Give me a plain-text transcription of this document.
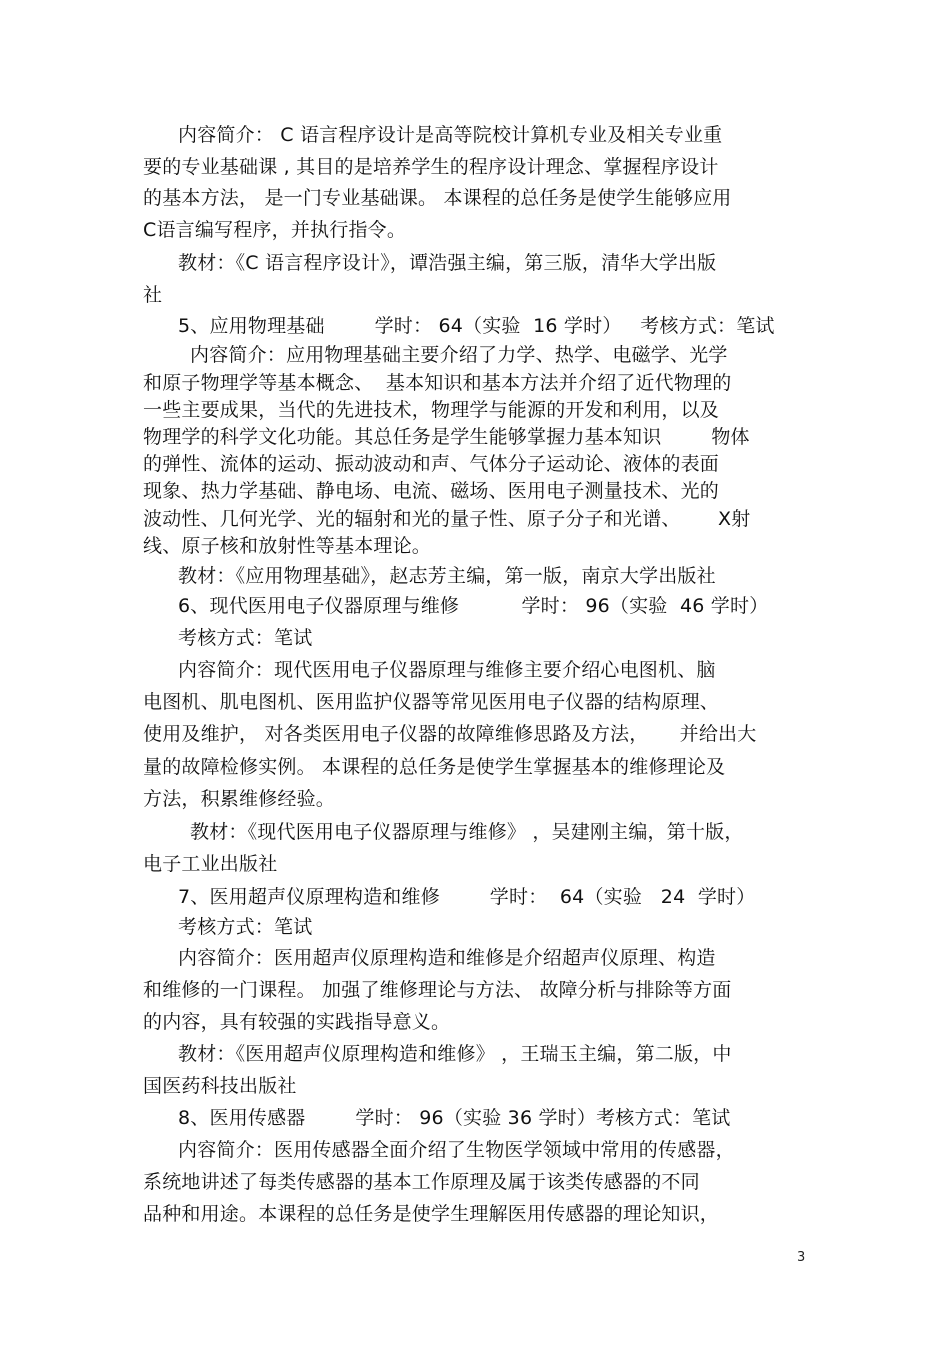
内容简介： C 语言程序设计是高等院校计算机专业及相关专业重
要的专业基础课 , 其目的是培养学生的程序设计理念、掌握程序设计
的基本方法， 是一门专业基础课。 本课程的总任务是使学生能够应用
C语言编写程序，并执行指令。
教材：《C 语言程序设计》，谭浩强主编，第三版，清华大学出版
社
5、应用物理基础        学时： 64（实验  16 学时）   考核方式：笔试
内容简介：应用物理基础主要介绍了力学、热学、电磁学、光学
和原子物理学等基本概念、  基本知识和基本方法并介绍了近代物理的
一些主要成果，当代的先进技术，物理学与能源的开发和利用，以及
物理学的科学文化功能。其总任务是学生能够掌握力基本知识        物体
的弹性、流体的运动、振动波动和声、气体分子运动论、液体的表面
现象、热力学基础、静电场、电流、磁场、医用电子测量技术、光的
波动性、几何光学、光的辐射和光的量子性、原子分子和光谱、      X射
线、原子核和放射性等基本理论。
教材：《应用物理基础》，赵志芳主编，第一版，南京大学出版社
6、现代医用电子仪器原理与维修          学时： 96（实验  46 学时）
考核方式：笔试
内容简介：现代医用电子仪器原理与维修主要介绍心电图机、脑
电图机、肌电图机、医用监护仪器等常见医用电子仪器的结构原理、
使用及维护， 对各类医用电子仪器的故障维修思路及方法，     并给出大
量的故障检修实例。 本课程的总任务是使学生掌握基本的维修理论及
方法，积累维修经验。
教材：《现代医用电子仪器原理与维修》 ，吴建刚主编，第十版，
电子工业出版社
7、医用超声仪原理构造和维修        学时：  64（实验   24  学时）
考核方式：笔试
内容简介：医用超声仪原理构造和维修是介绍超声仪原理、构造
和维修的一门课程。 加强了维修理论与方法、 故障分析与排除等方面
的内容，具有较强的实践指导意义。
教材：《医用超声仪原理构造和维修》 ，王瑞玉主编，第二版，中
国医药科技出版社
8、医用传感器        学时： 96（实验 36 学时）考核方式：笔试
内容简介：医用传感器全面介绍了生物医学领域中常用的传感器，
系统地讲述了每类传感器的基本工作原理及属于该类传感器的不同
品种和用途。本课程的总任务是使学生理解医用传感器的理论知识，
3
